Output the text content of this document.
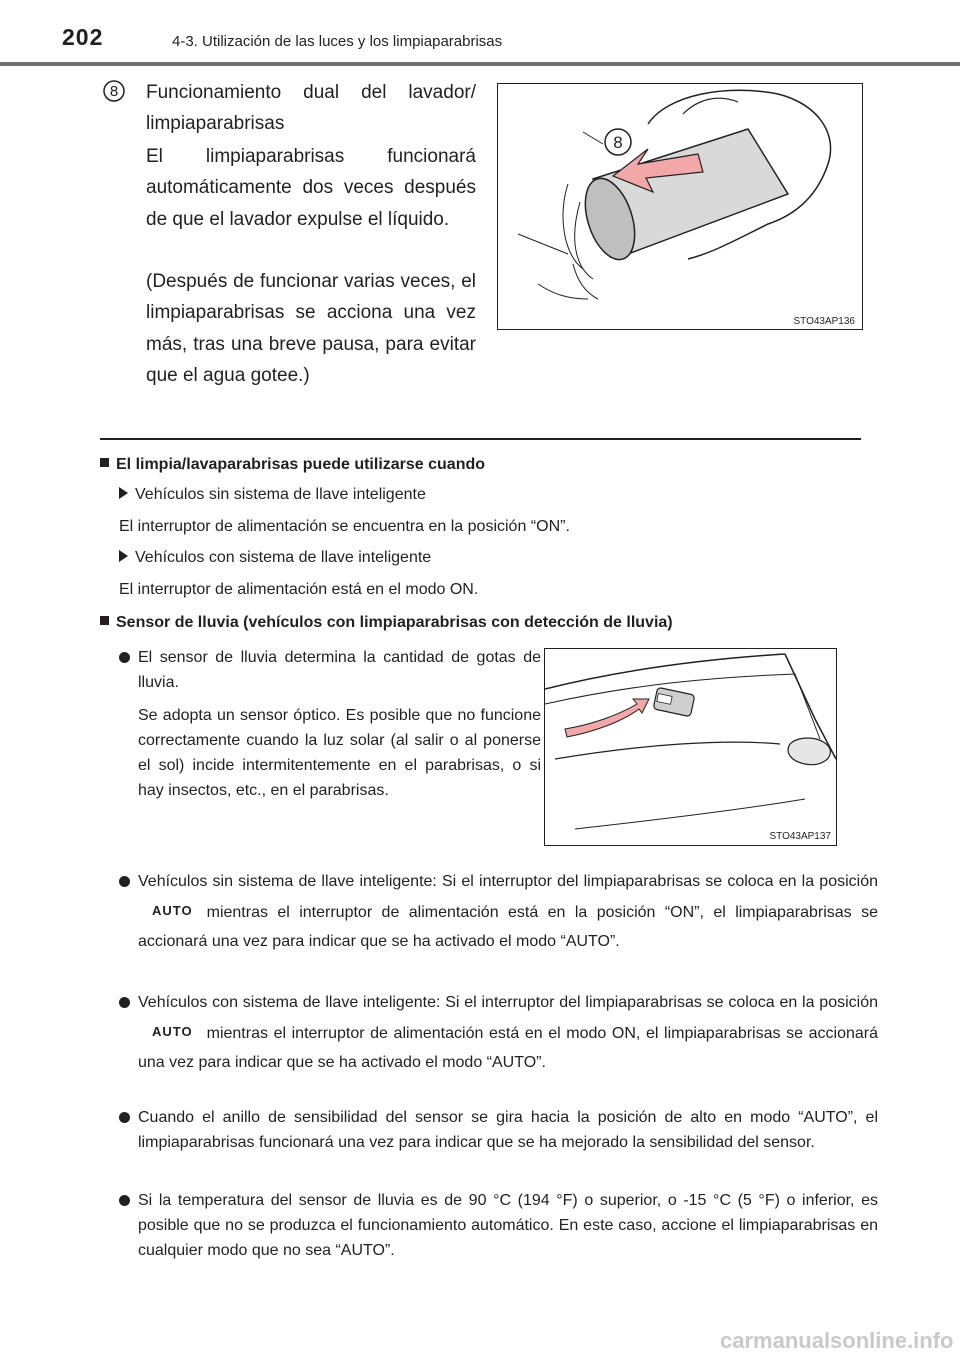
202	4-3. Utilización de las luces y los limpiaparabrisas
8 Funcionamiento dual del lavador/ limpiaparabrisas
El limpiaparabrisas funcionará automáticamente dos veces después de que el lavador expulse el líquido.
(Después de funcionar varias veces, el limpiaparabrisas se acciona una vez más, tras una breve pausa, para evitar que el agua gotee.)
8
STO43AP136
El limpia/lavaparabrisas puede utilizarse cuando
Vehículos sin sistema de llave inteligente
El interruptor de alimentación se encuentra en la posición “ON”.
Vehículos con sistema de llave inteligente
El interruptor de alimentación está en el modo ON.
Sensor de lluvia (vehículos con limpiaparabrisas con detección de lluvia)
El sensor de lluvia determina la cantidad de gotas de lluvia.
Se adopta un sensor óptico. Es posible que no funcione correctamente cuando la luz solar (al salir o al ponerse el sol) incide intermitentemente en el parabrisas, o si hay insectos, etc., en el parabrisas.
STO43AP137
Vehículos sin sistema de llave inteligente: Si el interruptor del limpiaparabrisas se coloca en la posiciónAUTO mientras el interruptor de alimentación está en la posición “ON”, el limpiaparabrisas se accionará una vez para indicar que se ha activado el modo “AUTO”.
Vehículos con sistema de llave inteligente: Si el interruptor del limpiaparabrisas se coloca en la posiciónAUTO mientras el interruptor de alimentación está en el modo ON, el limpiaparabrisas se accionará una vez para indicar que se ha activado el modo “AUTO”.
Cuando el anillo de sensibilidad del sensor se gira hacia la posición de alto en modo “AUTO”, el limpiaparabrisas funcionará una vez para indicar que se ha mejorado la sensibilidad del sensor.
Si la temperatura del sensor de lluvia es de 90 °C (194 °F) o superior, o -15 °C (5 °F) o inferior, es posible que no se produzca el funcionamiento automático. En este caso, accione el limpiaparabrisas en cualquier modo que no sea “AUTO”.
carmanualsonline.info
